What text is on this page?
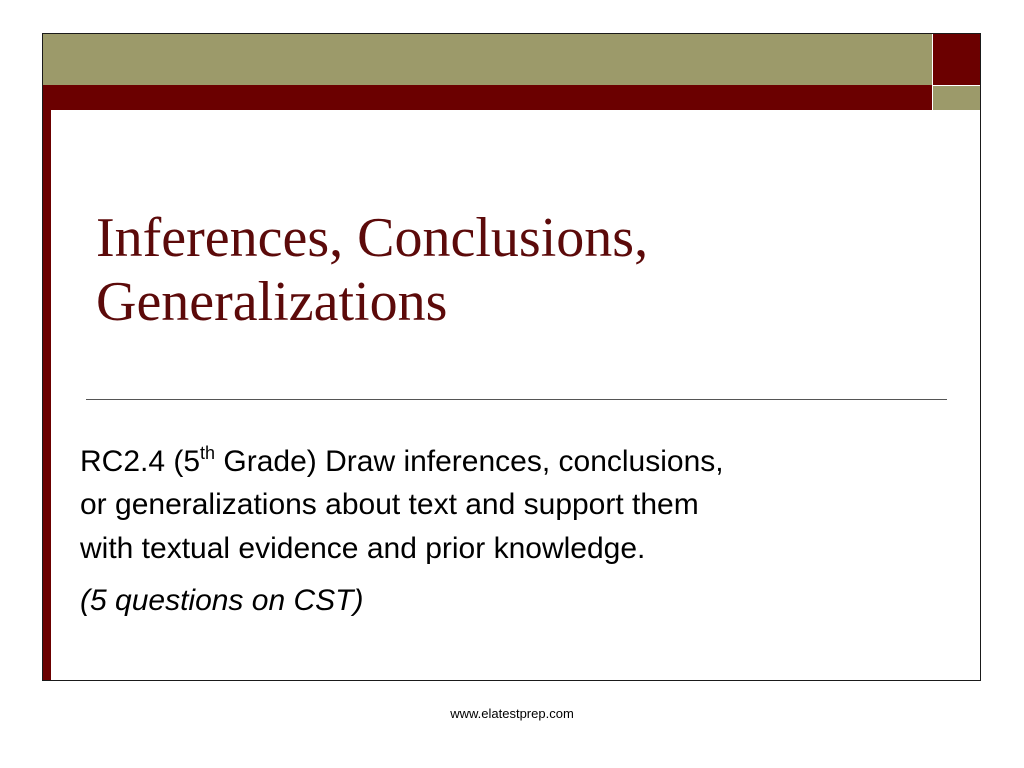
Inferences, Conclusions,
Generalizations

RC2.4 (5th Grade) Draw inferences, conclusions,

or generalizations about text and support them

with textual evidence and prior knowledge.

(5 questions on CST)

www.elatestprep.com
